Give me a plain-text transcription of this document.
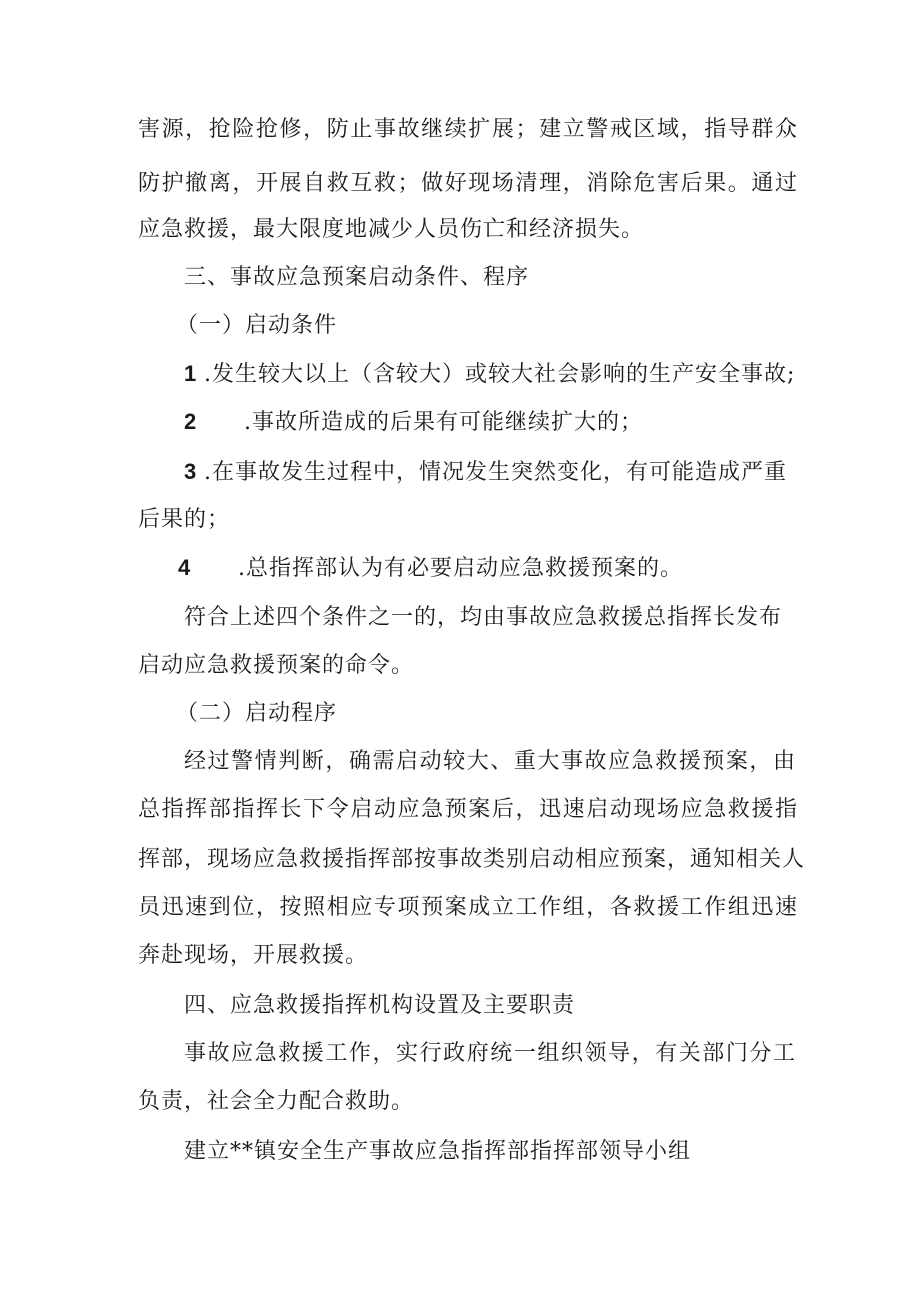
害源，抢险抢修，防止事故继续扩展；建立警戒区域，指导群众
防护撤离，开展自救互救；做好现场清理，消除危害后果。通过
应急救援，最大限度地减少人员伤亡和经济损失。
三、事故应急预案启动条件、程序
（一）启动条件
1 .发生较大以上（含较大）或较大社会影响的生产安全事故;
2 .事故所造成的后果有可能继续扩大的；
3 .在事故发生过程中，情况发生突然变化，有可能造成严重
后果的；
4 .总指挥部认为有必要启动应急救援预案的。
符合上述四个条件之一的，均由事故应急救援总指挥长发布
启动应急救援预案的命令。
（二）启动程序
经过警情判断，确需启动较大、重大事故应急救援预案，由
总指挥部指挥长下令启动应急预案后，迅速启动现场应急救援指
挥部，现场应急救援指挥部按事故类别启动相应预案，通知相关人
员迅速到位，按照相应专项预案成立工作组，各救援工作组迅速
奔赴现场，开展救援。
四、应急救援指挥机构设置及主要职责
事故应急救援工作，实行政府统一组织领导，有关部门分工
负责，社会全力配合救助。
建立**镇安全生产事故应急指挥部指挥部领导小组
